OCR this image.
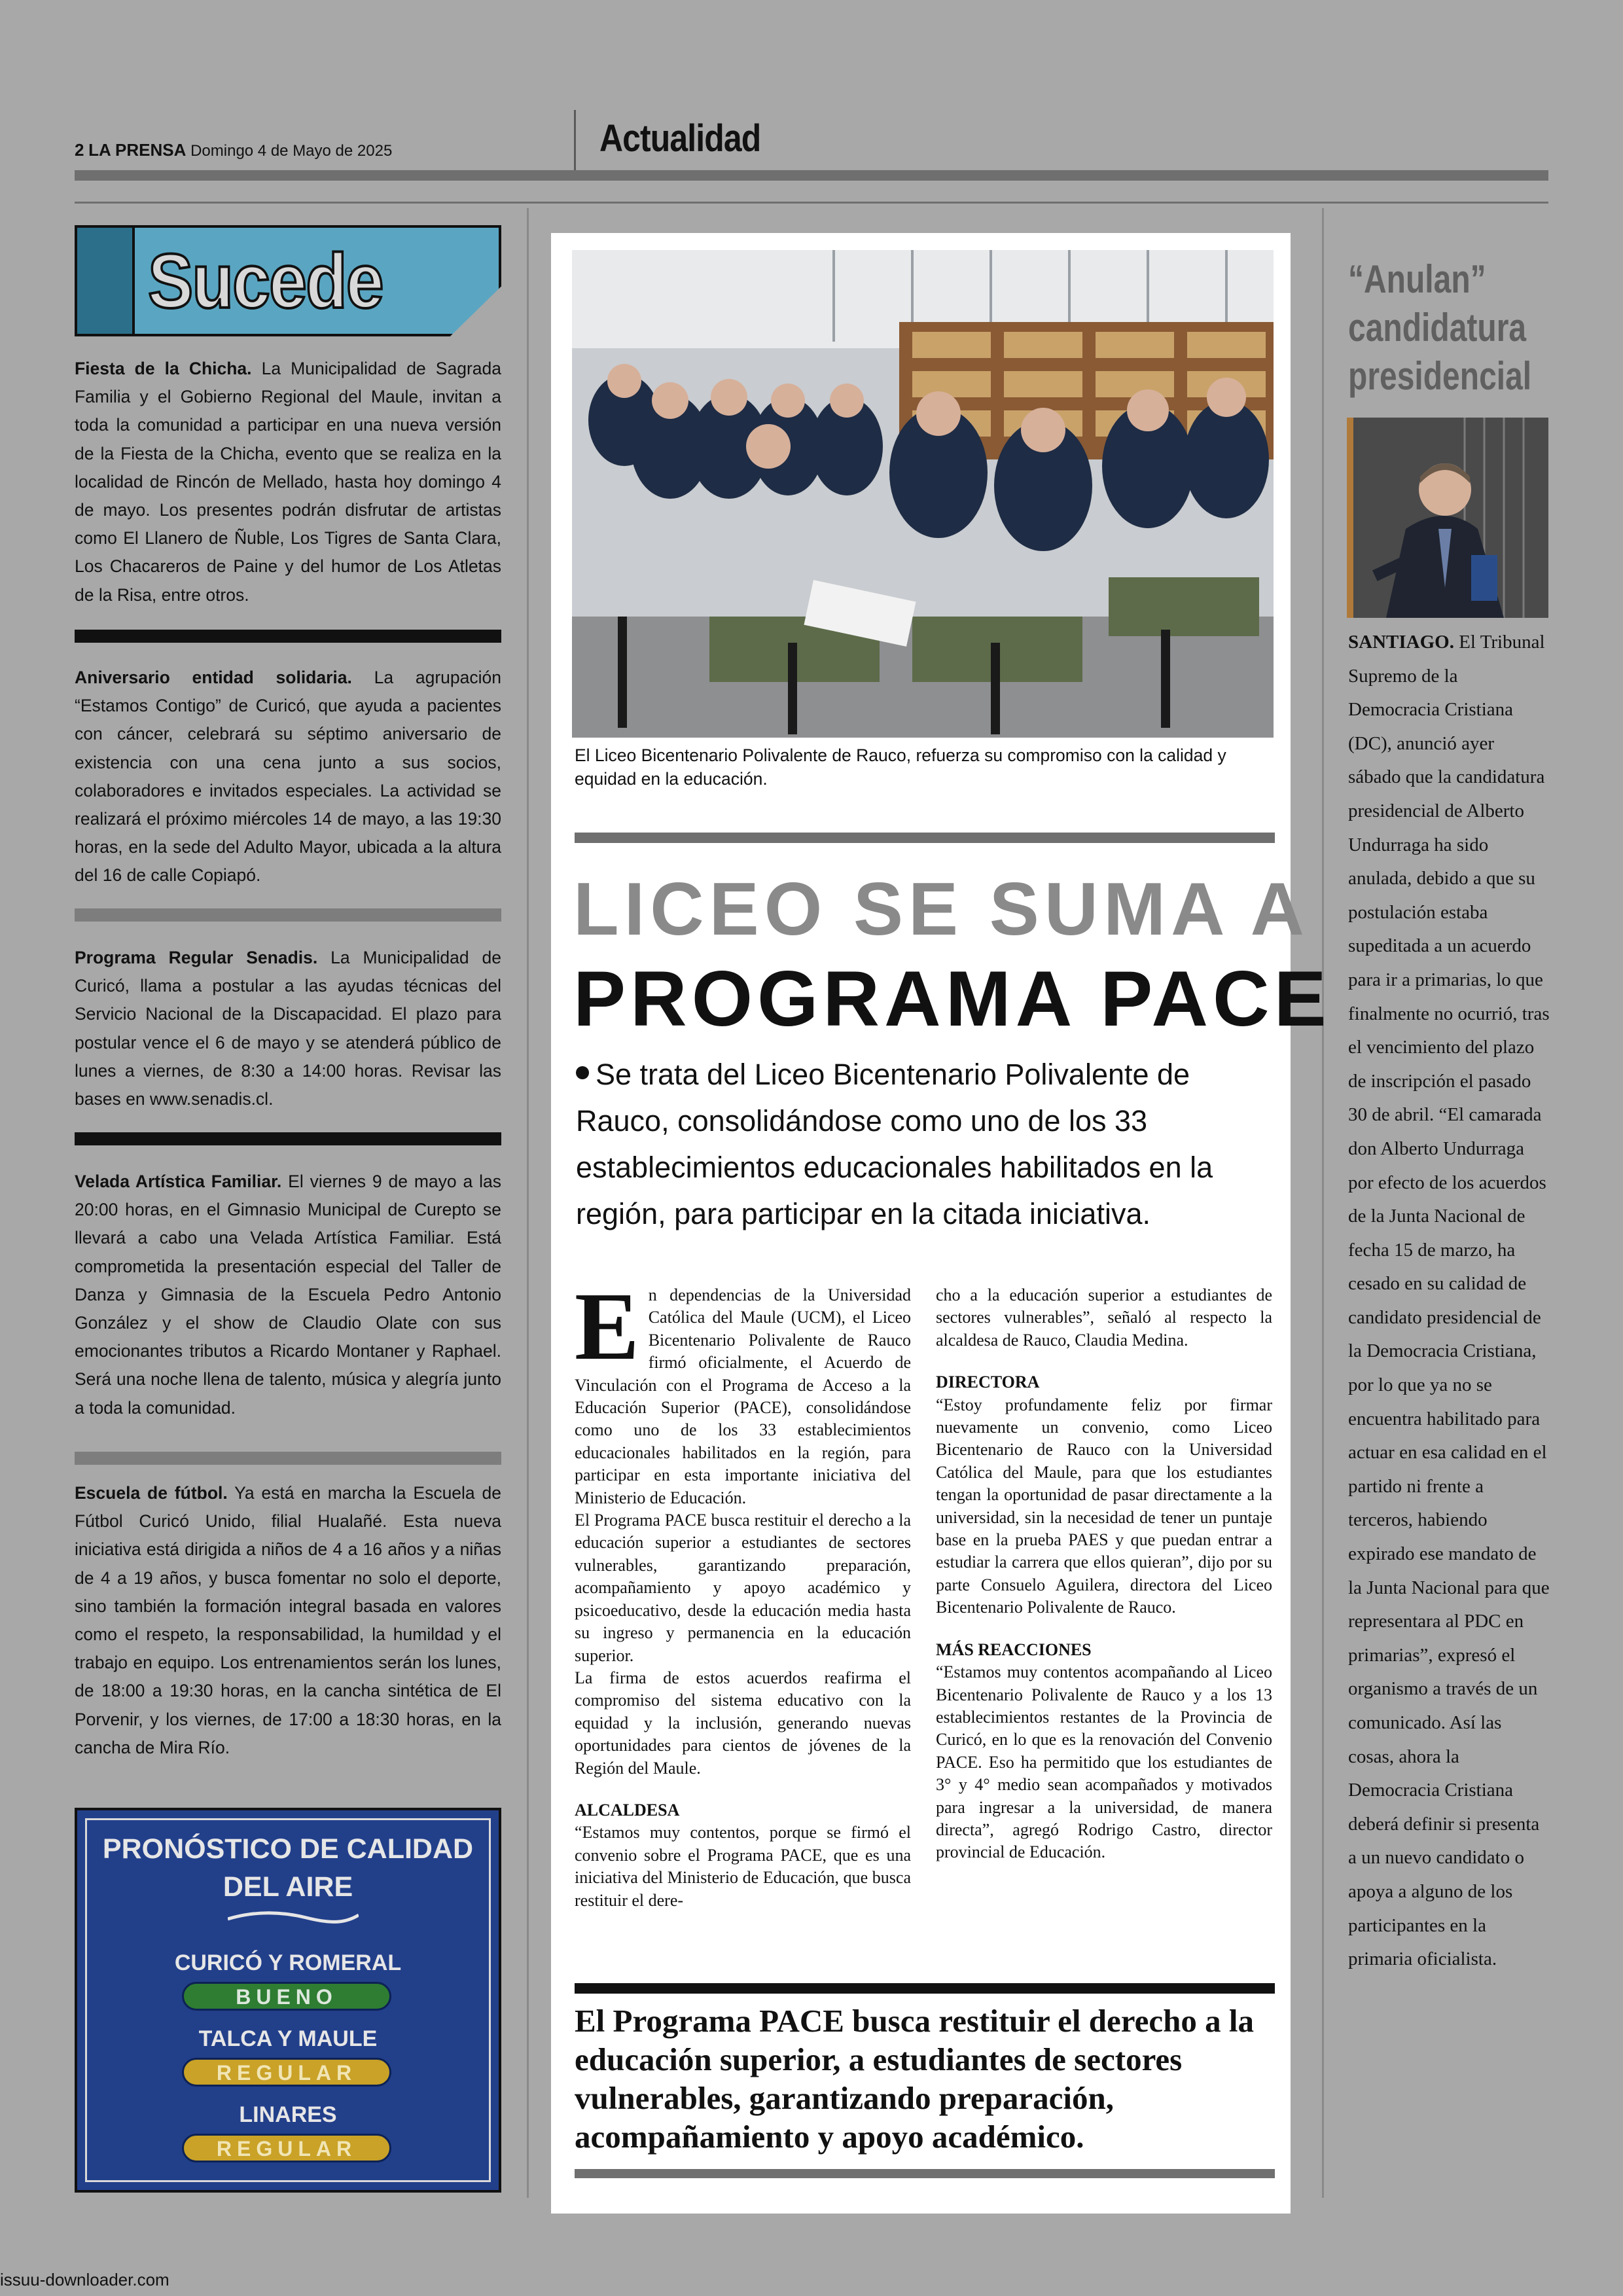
2 LA PRENSA Domingo 4 de Mayo de 2025	Actualidad
Sucede
Fiesta de la Chicha. La Municipalidad de Sagrada Familia y el Gobierno Regional del Maule, invitan a toda la comunidad a participar en una nueva versión de la Fiesta de la Chicha, evento que se realiza en la localidad de Rincón de Mellado, hasta hoy domingo 4 de mayo. Los presentes podrán disfrutar de artistas como El Llanero de Ñuble, Los Tigres de Santa Clara, Los Chacareros de Paine y del humor de Los Atletas de la Risa, entre otros.
Aniversario entidad solidaria. La agrupación “Estamos Contigo” de Curicó, que ayuda a pacientes con cáncer, celebrará su séptimo aniversario de existencia con una cena junto a sus socios, colaboradores e invitados especiales. La actividad se realizará el próximo miércoles 14 de mayo, a las 19:30 horas, en la sede del Adulto Mayor, ubicada a la altura del 16 de calle Copiapó.
Programa Regular Senadis. La Municipalidad de Curicó, llama a postular a las ayudas técnicas del Servicio Nacional de la Discapacidad. El plazo para postular vence el 6 de mayo y se atenderá público de lunes a viernes, de 8:30 a 14:00 horas. Revisar las bases en www.senadis.cl.
Velada Artística Familiar. El viernes 9 de mayo a las 20:00 horas, en el Gimnasio Municipal de Curepto se llevará a cabo una Velada Artística Familiar. Está comprometida la presentación especial del Taller de Danza y Gimnasia de la Escuela Pedro Antonio González y el show de Claudio Olate con sus emocionantes tributos a Ricardo Montaner y Raphael. Será una noche llena de talento, música y alegría junto a toda la comunidad.
Escuela de fútbol. Ya está en marcha la Escuela de Fútbol Curicó Unido, filial Hualañé. Esta nueva iniciativa está dirigida a niños de 4 a 16 años y a niñas de 4 a 19 años, y busca fomentar no solo el deporte, sino también la formación integral basada en valores como el respeto, la responsabilidad, la humildad y el trabajo en equipo. Los entrenamientos serán los lunes, de 18:00 a 19:30 horas, en la cancha sintética de El Porvenir, y los viernes, de 17:00 a 18:30 horas, en la cancha de Mira Río.
PRONÓSTICO DE CALIDAD DEL AIRE
CURICÓ Y ROMERAL
BUENO
TALCA Y MAULE
REGULAR
LINARES
REGULAR
El Liceo Bicentenario Polivalente de Rauco, refuerza su compromiso con la calidad y equidad en la educación.
LICEO SE SUMA A
PROGRAMA PACE
Se trata del Liceo Bicentenario Polivalente de Rauco, consolidándose como uno de los 33 establecimientos educacionales habilitados en la región, para participar en la citada iniciativa.
E n dependencias de la Universidad Católica del Maule (UCM), el Liceo Bicentenario Polivalente de Rauco firmó oficialmente, el Acuerdo de Vinculación con el Programa de Acceso a la Educación Superior (PACE), consolidándose como uno de los 33 establecimientos educacionales habilitados en la región, para participar en esta importante iniciativa del Ministerio de Educación.

El Programa PACE busca restituir el derecho a la educación superior a estudiantes de sectores vulnerables, garantizando preparación, acompañamiento y apoyo académico y psicoeducativo, desde la educación media hasta su ingreso y permanencia en la educación superior.

La firma de estos acuerdos reafirma el compromiso del sistema educativo con la equidad y la inclusión, generando nuevas oportunidades para cientos de jóvenes de la Región del Maule.

ALCALDESA

“Estamos muy contentos, porque se firmó el convenio sobre el Programa PACE, que es una iniciativa del Ministerio de Educación, que busca restituir el dere-

cho a la educación superior a estudiantes de sectores vulnerables”, señaló al respecto la alcaldesa de Rauco, Claudia Medina.

DIRECTORA

“Estoy profundamente feliz por firmar nuevamente un convenio, como Liceo Bicentenario de Rauco con la Universidad Católica del Maule, para que los estudiantes tengan la oportunidad de pasar directamente a la universidad, sin la necesidad de tener un puntaje base en la prueba PAES y que puedan entrar a estudiar la carrera que ellos quieran”, dijo por su parte Consuelo Aguilera, directora del Liceo Bicentenario Polivalente de Rauco.

MÁS REACCIONES

“Estamos muy contentos acompañando al Liceo Bicentenario Polivalente de Rauco y a los 13 establecimientos restantes de la Provincia de Curicó, en lo que es la renovación del Convenio PACE. Eso ha permitido que los estudiantes de 3° y 4° medio sean acompañados y motivados para ingresar a la universidad, de manera directa”, agregó Rodrigo Castro, director provincial de Educación.

El Programa PACE busca restituir el derecho a la educación superior, a estudiantes de sectores vulnerables, garantizando preparación, acompañamiento y apoyo académico.
“Anulan” candidatura presidencial
SANTIAGO. El Tribunal Supremo de la Democracia Cristiana (DC), anunció ayer sábado que la candidatura presidencial de Alberto Undurraga ha sido anulada, debido a que su postulación estaba supeditada a un acuerdo para ir a primarias, lo que finalmente no ocurrió, tras el vencimiento del plazo de inscripción el pasado 30 de abril. “El camarada don Alberto Undurraga por efecto de los acuerdos de la Junta Nacional de fecha 15 de marzo, ha cesado en su calidad de candidato presidencial de la Democracia Cristiana, por lo que ya no se encuentra habilitado para actuar en esa calidad en el partido ni frente a terceros, habiendo expirado ese mandato de la Junta Nacional para que representara al PDC en primarias”, expresó el organismo a través de un comunicado. Así las cosas, ahora la Democracia Cristiana deberá definir si presenta a un nuevo candidato o apoya a alguno de los participantes en la primaria oficialista.
issuu-downloader.com
